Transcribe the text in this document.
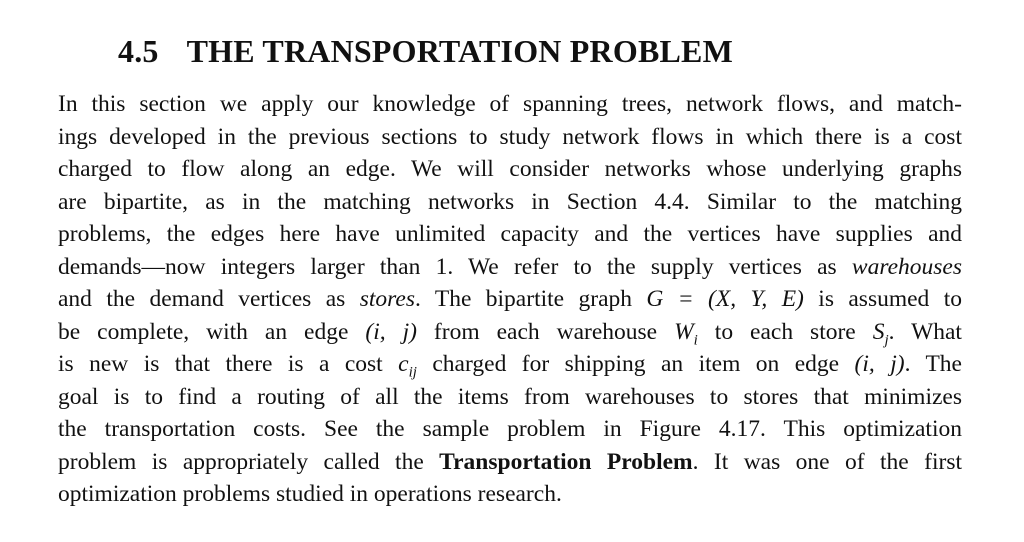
4.5 THE TRANSPORTATION PROBLEM
In this section we apply our knowledge of spanning trees, network flows, and match-
ings developed in the previous sections to study network flows in which there is a cost
charged to flow along an edge. We will consider networks whose underlying graphs
are bipartite, as in the matching networks in Section 4.4. Similar to the matching
problems, the edges here have unlimited capacity and the vertices have supplies and
demands—now integers larger than 1. We refer to the supply vertices as warehouses
and the demand vertices as stores. The bipartite graph G = (X, Y, E) is assumed to
be complete, with an edge (i, j) from each warehouse $W_i$ to each store $S_j$. What
is new is that there is a cost $c_{ij}$ charged for shipping an item on edge (i, j). The
goal is to find a routing of all the items from warehouses to stores that minimizes
the transportation costs. See the sample problem in Figure 4.17. This optimization
problem is appropriately called the Transportation Problem. It was one of the first
optimization problems studied in operations research.
